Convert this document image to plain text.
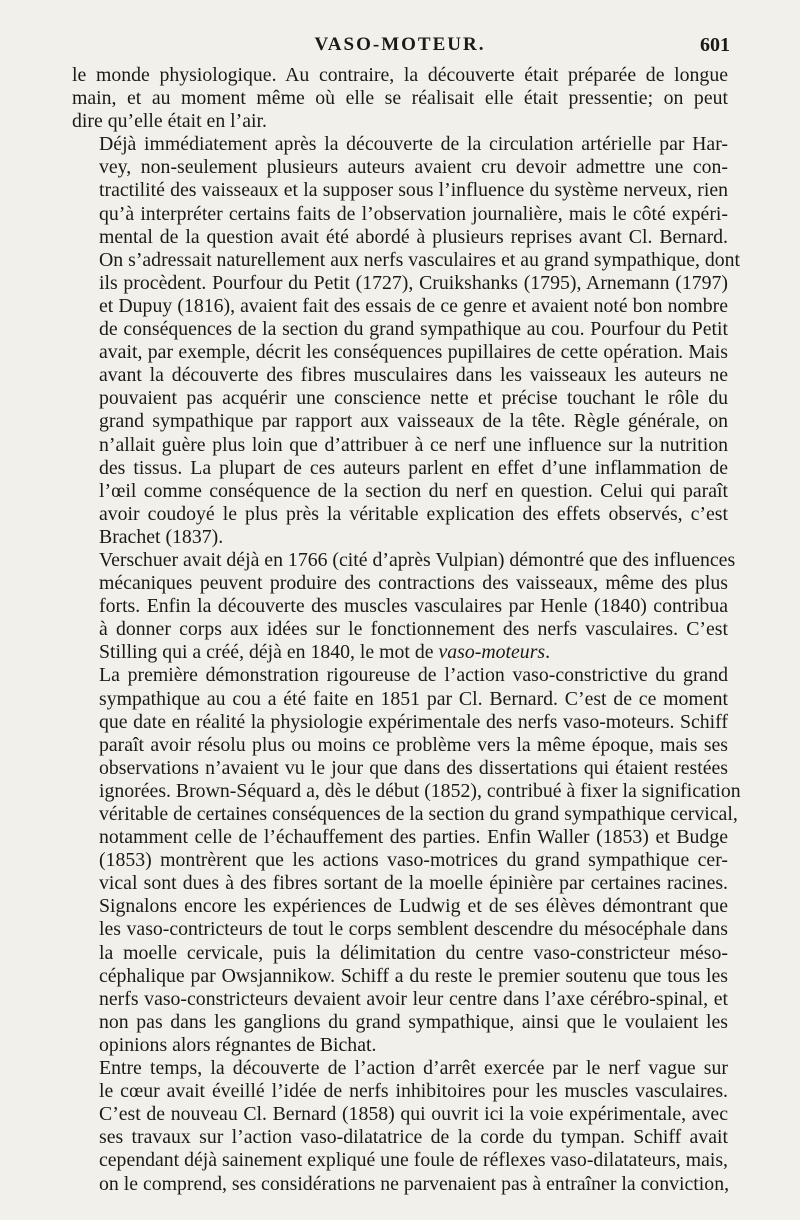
VASO-MOTEUR.	601

le monde physiologique. Au contraire, la découverte était préparée de longue
main, et au moment même où elle se réalisait elle était pressentie; on peut
dire qu’elle était en l’air.

Déjà immédiatement après la découverte de la circulation artérielle par Har-
vey, non-seulement plusieurs auteurs avaient cru devoir admettre une con-
tractilité des vaisseaux et la supposer sous l’influence du système nerveux, rien
qu’à interpréter certains faits de l’observation journalière, mais le côté expéri-
mental de la question avait été abordé à plusieurs reprises avant Cl. Bernard.
On s’adressait naturellement aux nerfs vasculaires et au grand sympathique, dont
ils procèdent. Pourfour du Petit (1727), Cruikshanks (1795), Arnemann (1797)
et Dupuy (1816), avaient fait des essais de ce genre et avaient noté bon nombre
de conséquences de la section du grand sympathique au cou. Pourfour du Petit
avait, par exemple, décrit les conséquences pupillaires de cette opération. Mais
avant la découverte des fibres musculaires dans les vaisseaux les auteurs ne
pouvaient pas acquérir une conscience nette et précise touchant le rôle du
grand sympathique par rapport aux vaisseaux de la tête. Règle générale, on
n’allait guère plus loin que d’attribuer à ce nerf une influence sur la nutrition
des tissus. La plupart de ces auteurs parlent en effet d’une inflammation de
l’œil comme conséquence de la section du nerf en question. Celui qui paraît
avoir coudoyé le plus près la véritable explication des effets observés, c’est
Brachet (1837).

Verschuer avait déjà en 1766 (cité d’après Vulpian) démontré que des influences
mécaniques peuvent produire des contractions des vaisseaux, même des plus
forts. Enfin la découverte des muscles vasculaires par Henle (1840) contribua
à donner corps aux idées sur le fonctionnement des nerfs vasculaires. C’est
Stilling qui a créé, déjà en 1840, le mot de vaso-moteurs.

La première démonstration rigoureuse de l’action vaso-constrictive du grand
sympathique au cou a été faite en 1851 par Cl. Bernard. C’est de ce moment
que date en réalité la physiologie expérimentale des nerfs vaso-moteurs. Schiff
paraît avoir résolu plus ou moins ce problème vers la même époque, mais ses
observations n’avaient vu le jour que dans des dissertations qui étaient restées
ignorées. Brown-Séquard a, dès le début (1852), contribué à fixer la signification
véritable de certaines conséquences de la section du grand sympathique cervical,
notamment celle de l’échauffement des parties. Enfin Waller (1853) et Budge
(1853) montrèrent que les actions vaso-motrices du grand sympathique cer-
vical sont dues à des fibres sortant de la moelle épinière par certaines racines.
Signalons encore les expériences de Ludwig et de ses élèves démontrant que
les vaso-contricteurs de tout le corps semblent descendre du mésocéphale dans
la moelle cervicale, puis la délimitation du centre vaso-constricteur méso-
céphalique par Owsjannikow. Schiff a du reste le premier soutenu que tous les
nerfs vaso-constricteurs devaient avoir leur centre dans l’axe cérébro-spinal, et
non pas dans les ganglions du grand sympathique, ainsi que le voulaient les
opinions alors régnantes de Bichat.

Entre temps, la découverte de l’action d’arrêt exercée par le nerf vague sur
le cœur avait éveillé l’idée de nerfs inhibitoires pour les muscles vasculaires.
C’est de nouveau Cl. Bernard (1858) qui ouvrit ici la voie expérimentale, avec
ses travaux sur l’action vaso-dilatatrice de la corde du tympan. Schiff avait
cependant déjà sainement expliqué une foule de réflexes vaso-dilatateurs, mais,
on le comprend, ses considérations ne parvenaient pas à entraîner la conviction,
